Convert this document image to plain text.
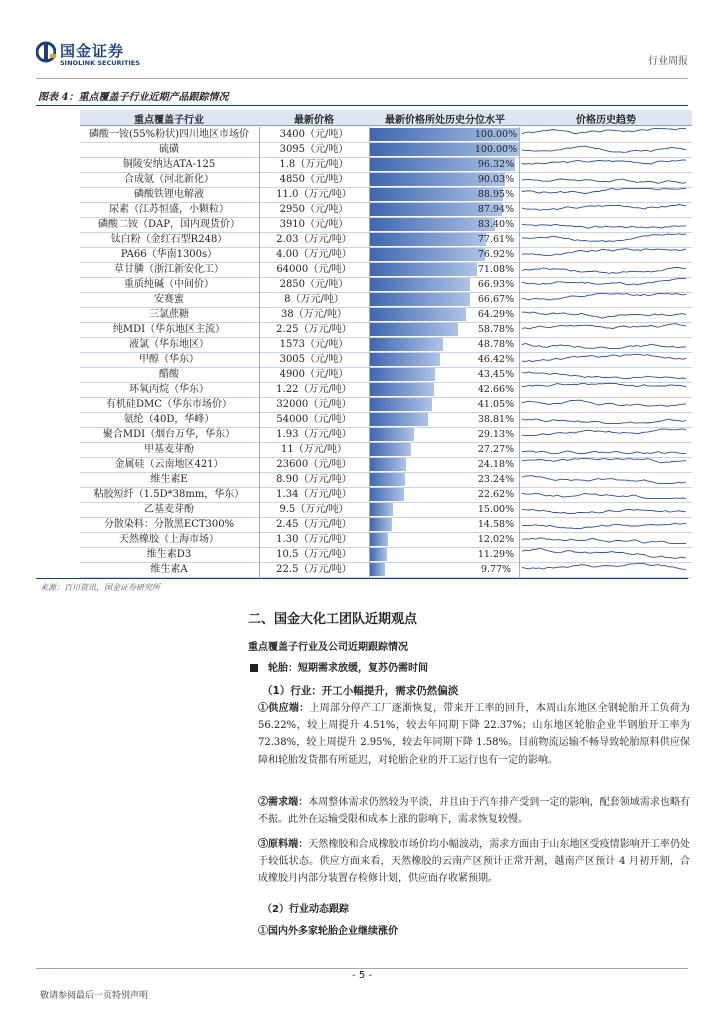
国金证券
SINOLINK SECURITIES	行业周报
图表 4：重点覆盖子行业近期产品跟踪情况
重点覆盖子行业	最新价格	最新价格所处历史分位水平	价格历史趋势
磷酸一铵(55%粉状)四川地区市场价	3400（元/吨）	100.00%
硫磺	3095（元/吨）	100.00%
铜陵安纳达ATA-125	1.8（万元/吨）	96.32%
合成氨（河北新化）	4850（元/吨）	90.03%
磷酸铁锂电解液	11.0（万元/吨）	88.95%
尿素（江苏恒盛，小颗粒）	2950（元/吨）	87.94%
磷酸二铵（DAP，国内现货价）	3910（元/吨）	83.40%
钛白粉（金红石型R248）	2.03（万元/吨）	77.61%
PA66（华南1300s）	4.00（万元/吨）	76.92%
草甘膦（浙江新安化工）	64000（元/吨）	71.08%
重质纯碱（中间价）	2850（元/吨）	66.93%
安赛蜜	8（万元/吨）	66.67%
三氯蔗糖	38（万元/吨）	64.29%
纯MDI（华东地区主流）	2.25（万元/吨）	58.78%
液氯（华东地区）	1573（元/吨）	48.78%
甲醇（华东）	3005（元/吨）	46.42%
醋酸	4900（元/吨）	43.45%
环氧丙烷（华东）	1.22（万元/吨）	42.66%
有机硅DMC（华东市场价）	32000（元/吨）	41.05%
氨纶（40D，华峰）	54000（元/吨）	38.81%
聚合MDI（烟台万华，华东）	1.93（万元/吨）	29.13%
甲基麦芽酚	11（万元/吨）	27.27%
金属硅（云南地区421）	23600（元/吨）	24.18%
维生素E	8.90（万元/吨）	23.24%
粘胶短纤（1.5D*38mm，华东）	1.34（万元/吨）	22.62%
乙基麦芽酚	9.5（万元/吨）	15.00%
分散染料：分散黑ECT300%	2.45（万元/吨）	14.58%
天然橡胶（上海市场）	1.30（万元/吨）	12.02%
维生素D3	10.5（万元/吨）	11.29%
维生素A	22.5（万元/吨）	9.77%
来源：百川资讯，国金证券研究所
二、国金大化工团队近期观点
重点覆盖子行业及公司近期跟踪情况
轮胎：短期需求放缓，复苏仍需时间
（1）行业：开工小幅提升，需求仍然偏淡
①供应端：上周部分停产工厂逐渐恢复，带来开工率的回升，本周山东地区全钢轮胎开工负荷为 56.22%，较上周提升 4.51%，较去年同期下降 22.37%；山东地区轮胎企业半钢胎开工率为 72.38%，较上周提升 2.95%，较去年同期下降 1.58%。目前物流运输不畅导致轮胎原料供应保障和轮胎发货都有所延迟，对轮胎企业的开工运行也有一定的影响。
②需求端：本周整体需求仍然较为平淡，并且由于汽车排产受到一定的影响，配套领域需求也略有不振。此外在运输受限和成本上涨的影响下，需求恢复较慢。
③原料端：天然橡胶和合成橡胶市场价均小幅波动，需求方面由于山东地区受疫情影响开工率仍处于较低状态。供应方面来看，天然橡胶的云南产区预计正常开割，越南产区预计 4 月初开割，合成橡胶月内部分装置存检修计划，供应面存收紧预期。
（2）行业动态跟踪
①国内外多家轮胎企业继续涨价
- 5 -
敬请参阅最后一页特别声明
